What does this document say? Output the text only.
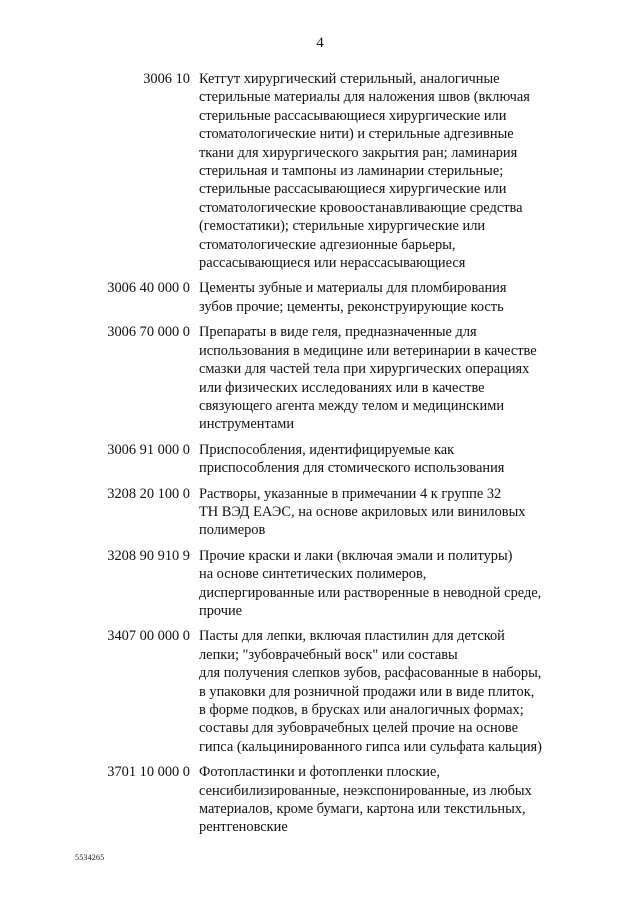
4
3006 10 Кетгут хирургический стерильный, аналогичные
стерильные материалы для наложения швов (включая
стерильные рассасывающиеся хирургические или
стоматологические нити) и стерильные адгезивные
ткани для хирургического закрытия ран; ламинария
стерильная и тампоны из ламинарии стерильные;
стерильные рассасывающиеся хирургические или
стоматологические кровоостанавливающие средства
(гемостатики); стерильные хирургические или
стоматологические адгезионные барьеры,
рассасывающиеся или нерассасывающиеся
3006 40 000 0 Цементы зубные и материалы для пломбирования
зубов прочие; цементы, реконструирующие кость
3006 70 000 0 Препараты в виде геля, предназначенные для
использования в медицине или ветеринарии в качестве
смазки для частей тела при хирургических операциях
или физических исследованиях или в качестве
связующего агента между телом и медицинскими
инструментами
3006 91 000 0 Приспособления, идентифицируемые как
приспособления для стомического использования
3208 20 100 0 Растворы, указанные в примечании 4 к группе 32
ТН ВЭД ЕАЭС, на основе акриловых или виниловых
полимеров
3208 90 910 9 Прочие краски и лаки (включая эмали и политуры)
на основе синтетических полимеров,
диспергированные или растворенные в неводной среде,
прочие
3407 00 000 0 Пасты для лепки, включая пластилин для детской
лепки; "зубоврачебный воск" или составы
для получения слепков зубов, расфасованные в наборы,
в упаковки для розничной продажи или в виде плиток,
в форме подков, в брусках или аналогичных формах;
составы для зубоврачебных целей прочие на основе
гипса (кальцинированного гипса или сульфата кальция)
3701 10 000 0 Фотопластинки и фотопленки плоские,
сенсибилизированные, неэкспонированные, из любых
материалов, кроме бумаги, картона или текстильных,
рентгеновские
5534265
